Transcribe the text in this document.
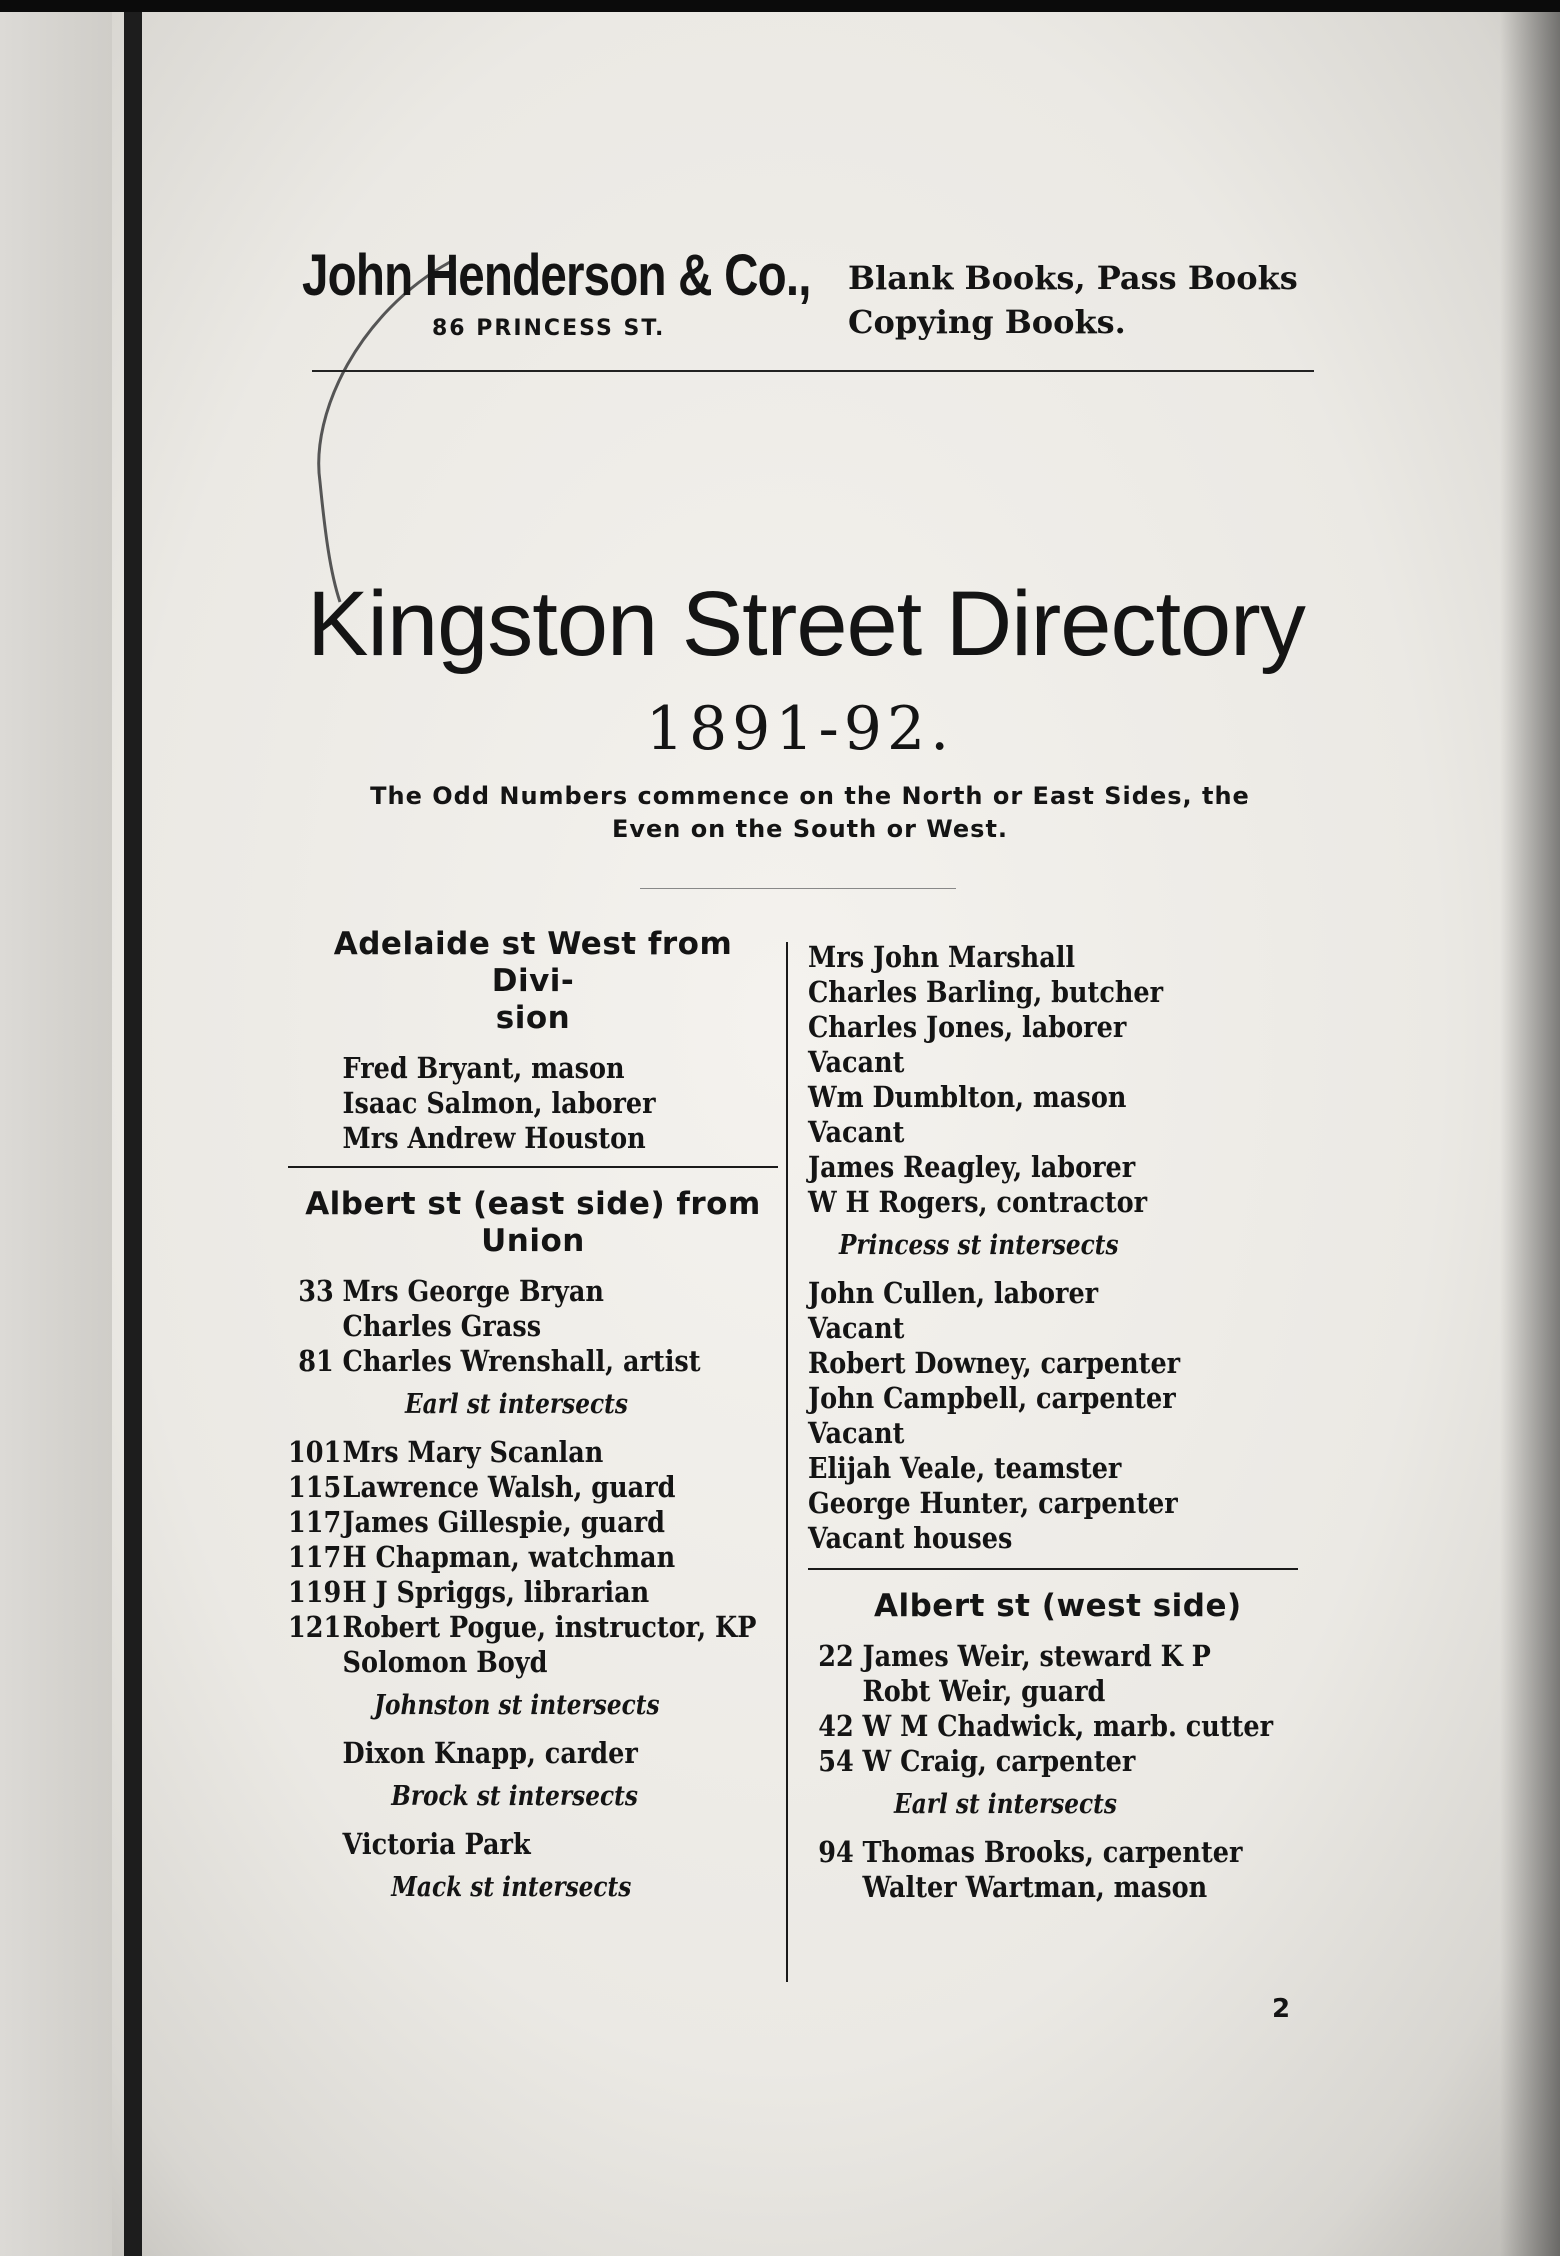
John Henderson & Co.,
86 PRINCESS ST.
Blank Books, Pass Books
Copying Books.
Kingston Street Directory
1891-92.
The Odd Numbers commence on the North or East Sides, the
Even on the South or West.
Adelaide st West from Divi-
sion
Fred Bryant, mason
Isaac Salmon, laborer
Mrs Andrew Houston
Albert st (east side) from
Union
33 Mrs George Bryan
Charles Grass
81 Charles Wrenshall, artist
Earl st intersects
101Mrs Mary Scanlan
115Lawrence Walsh, guard
117James Gillespie, guard
117H Chapman, watchman
119H J Spriggs, librarian
121Robert Pogue, instructor, KP
Solomon Boyd
Johnston st intersects
Dixon Knapp, carder
Brock st intersects
Victoria Park
Mack st intersects
Mrs John Marshall
Charles Barling, butcher
Charles Jones, laborer
Vacant
Wm Dumblton, mason
Vacant
James Reagley, laborer
W H Rogers, contractor
Princess st intersects
John Cullen, laborer
Vacant
Robert Downey, carpenter
John Campbell, carpenter
Vacant
Elijah Veale, teamster
George Hunter, carpenter
Vacant houses
Albert st (west side)
22 James Weir, steward K P
Robt Weir, guard
42 W M Chadwick, marb. cutter
54 W Craig, carpenter
Earl st intersects
94 Thomas Brooks, carpenter
Walter Wartman, mason
2
